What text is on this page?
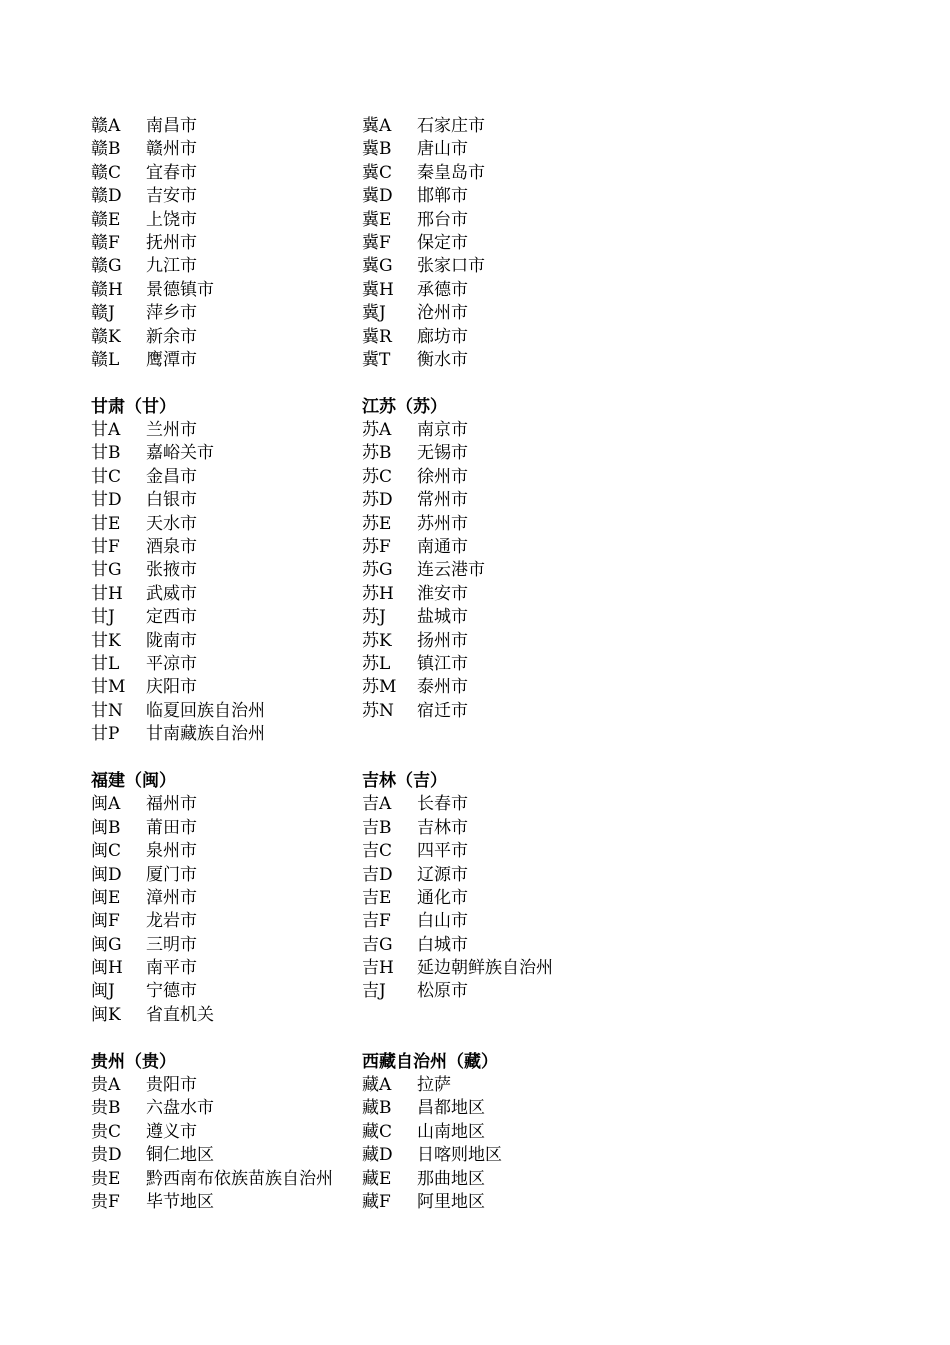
赣A	南昌市
赣B	赣州市
赣C	宜春市
赣D	吉安市
赣E	上饶市
赣F	抚州市
赣G	九江市
赣H	景德镇市
赣J	萍乡市
赣K	新余市
赣L	鹰潭市
甘肃（甘）
甘A	兰州市
甘B	嘉峪关市
甘C	金昌市
甘D	白银市
甘E	天水市
甘F	酒泉市
甘G	张掖市
甘H	武威市
甘J	定西市
甘K	陇南市
甘L	平凉市
甘M	庆阳市
甘N	临夏回族自治州
甘P	甘南藏族自治州
福建（闽）
闽A	福州市
闽B	莆田市
闽C	泉州市
闽D	厦门市
闽E	漳州市
闽F	龙岩市
闽G	三明市
闽H	南平市
闽J	宁德市
闽K	省直机关
贵州（贵）
贵A	贵阳市
贵B	六盘水市
贵C	遵义市
贵D	铜仁地区
贵E	黔西南布依族苗族自治州
贵F	毕节地区
冀A	石家庄市
冀B	唐山市
冀C	秦皇岛市
冀D	邯郸市
冀E	邢台市
冀F	保定市
冀G	张家口市
冀H	承德市
冀J	沧州市
冀R	廊坊市
冀T	衡水市
江苏（苏）
苏A	南京市
苏B	无锡市
苏C	徐州市
苏D	常州市
苏E	苏州市
苏F	南通市
苏G	连云港市
苏H	淮安市
苏J	盐城市
苏K	扬州市
苏L	镇江市
苏M	泰州市
苏N	宿迁市
吉林（吉）
吉A	长春市
吉B	吉林市
吉C	四平市
吉D	辽源市
吉E	通化市
吉F	白山市
吉G	白城市
吉H	延边朝鲜族自治州
吉J	松原市
西藏自治州（藏）
藏A	拉萨
藏B	昌都地区
藏C	山南地区
藏D	日喀则地区
藏E	那曲地区
藏F	阿里地区
